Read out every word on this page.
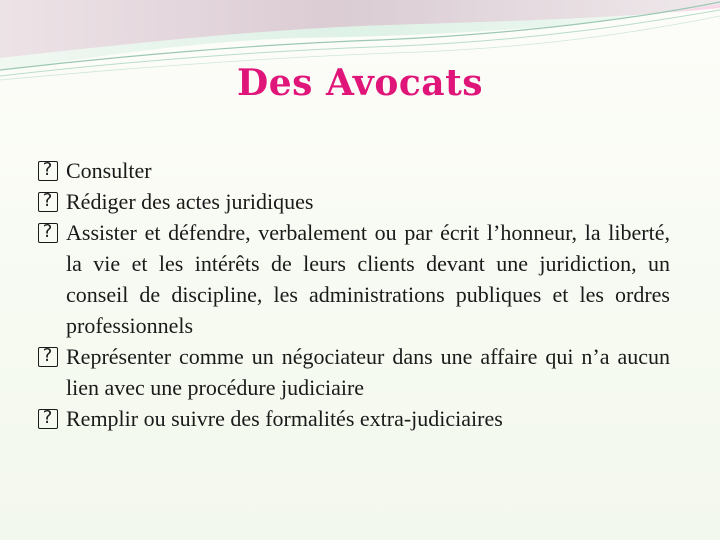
Des Avocats
?
Consulter
?
Rédiger des actes juridiques
?
Assister et défendre, verbalement ou par écrit l’honneur, la liberté, la vie et les intérêts de leurs clients devant une juridiction, un conseil de discipline, les administrations publiques et les ordres professionnels
?
Représenter comme un négociateur dans une affaire qui n’a aucun lien avec une procédure judiciaire
?
Remplir ou suivre des formalités extra-judiciaires
